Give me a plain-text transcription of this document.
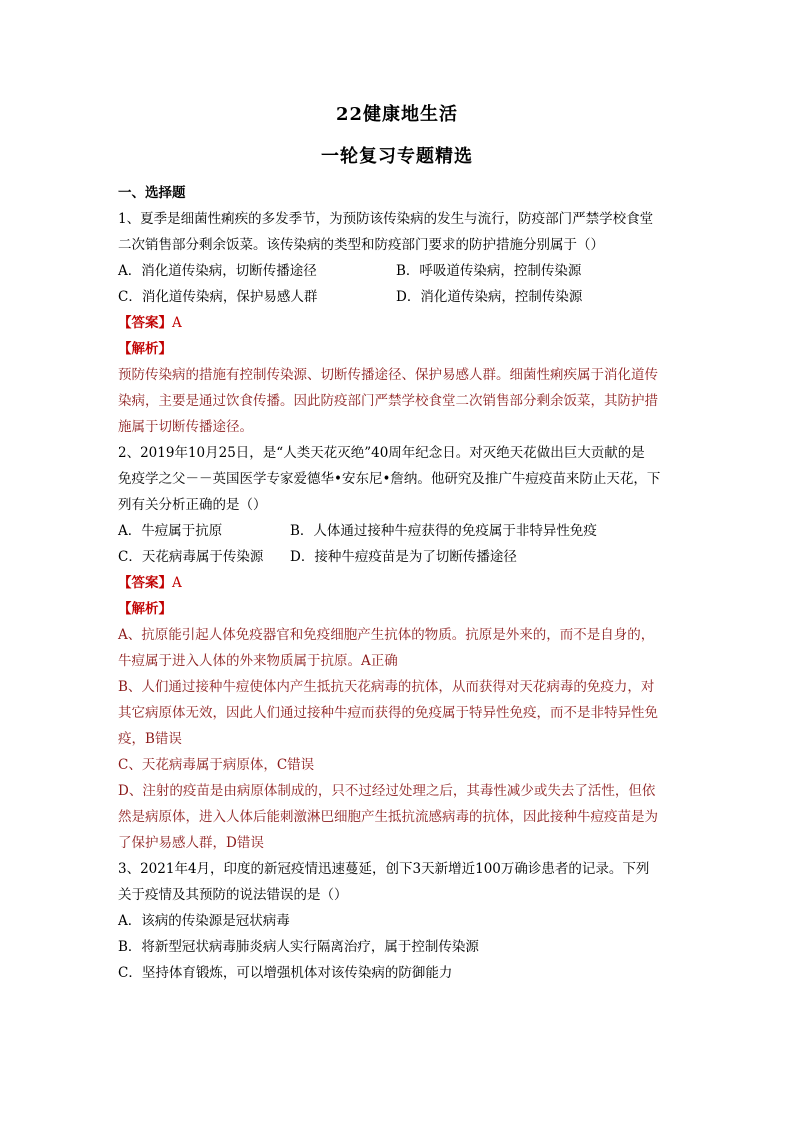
22健康地生活
一轮复习专题精选
一、选择题
1、夏季是细菌性痢疾的多发季节，为预防该传染病的发生与流行，防疫部门严禁学校食堂
二次销售部分剩余饭菜。该传染病的类型和防疫部门要求的防护措施分别属于（）
A．消化道传染病，切断传播途径	B．呼吸道传染病，控制传染源
C．消化道传染病，保护易感人群	D．消化道传染病，控制传染源
【答案】A
【解析】
预防传染病的措施有控制传染源、切断传播途径、保护易感人群。细菌性痢疾属于消化道传
染病，主要是通过饮食传播。因此防疫部门严禁学校食堂二次销售部分剩余饭菜，其防护措
施属于切断传播途径。
2、2019年10月25日，是“人类天花灭绝”40周年纪念日。对灭绝天花做出巨大贡献的是
免疫学之父－－英国医学专家爱德华•安东尼•詹纳。他研究及推广牛痘疫苗来防止天花，下
列有关分析正确的是（）
A．牛痘属于抗原	B．人体通过接种牛痘获得的免疫属于非特异性免疫
C．天花病毒属于传染源	D．接种牛痘疫苗是为了切断传播途径
【答案】A
【解析】
A、抗原能引起人体免疫器官和免疫细胞产生抗体的物质。抗原是外来的，而不是自身的，
牛痘属于进入人体的外来物质属于抗原。A正确
B、人们通过接种牛痘使体内产生抵抗天花病毒的抗体，从而获得对天花病毒的免疫力，对
其它病原体无效，因此人们通过接种牛痘而获得的免疫属于特异性免疫，而不是非特异性免
疫，B错误
C、天花病毒属于病原体，C错误
D、注射的疫苗是由病原体制成的，只不过经过处理之后，其毒性减少或失去了活性，但依
然是病原体，进入人体后能刺激淋巴细胞产生抵抗流感病毒的抗体，因此接种牛痘疫苗是为
了保护易感人群，D错误
3、2021年4月，印度的新冠疫情迅速蔓延，创下3天新增近100万确诊患者的记录。下列
关于疫情及其预防的说法错误的是（）
A．该病的传染源是冠状病毒
B．将新型冠状病毒肺炎病人实行隔离治疗，属于控制传染源
C．坚持体育锻炼，可以增强机体对该传染病的防御能力
